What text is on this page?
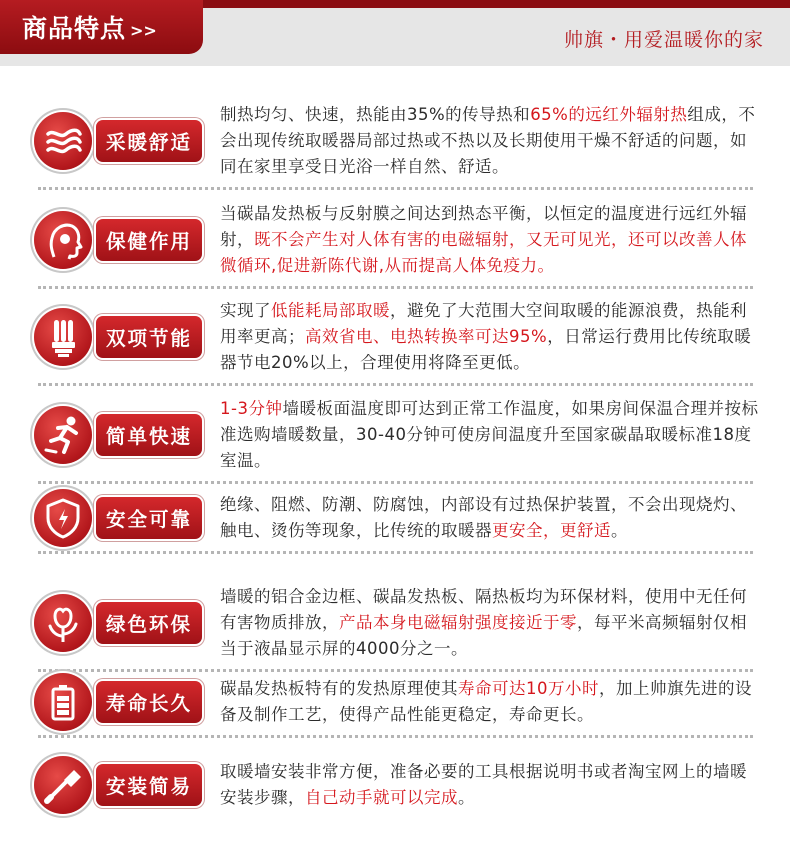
商品特点 >>	帅旗・用爱温暖你的家
采暖舒适
制热均匀、快速，热能由35%的传导热和65%的远红外辐射热组成，不会出现传统取暖器局部过热或不热以及长期使用干燥不舒适的问题，如同在家里享受日光浴一样自然、舒适。
保健作用
当碳晶发热板与反射膜之间达到热态平衡，以恒定的温度进行远红外辐射，既不会产生对人体有害的电磁辐射，又无可见光，还可以改善人体微循环,促进新陈代谢,从而提高人体免疫力。
双项节能
实现了低能耗局部取暖，避免了大范围大空间取暖的能源浪费，热能利用率更高；高效省电、电热转换率可达95%，日常运行费用比传统取暖器节电20%以上，合理使用将降至更低。
简单快速
1-3分钟墙暖板面温度即可达到正常工作温度，如果房间保温合理并按标准选购墙暖数量，30-40分钟可使房间温度升至国家碳晶取暖标准18度室温。
安全可靠
绝缘、阻燃、防潮、防腐蚀，内部设有过热保护装置，不会出现烧灼、触电、烫伤等现象，比传统的取暖器更安全，更舒适。
绿色环保
墙暖的铝合金边框、碳晶发热板、隔热板均为环保材料，使用中无任何有害物质排放，产品本身电磁辐射强度接近于零，每平米高频辐射仅相当于液晶显示屏的4000分之一。
寿命长久
碳晶发热板特有的发热原理使其寿命可达10万小时，加上帅旗先进的设备及制作工艺，使得产品性能更稳定，寿命更长。
安装简易
取暖墙安装非常方便，准备必要的工具根据说明书或者淘宝网上的墙暖安装步骤，自己动手就可以完成。
